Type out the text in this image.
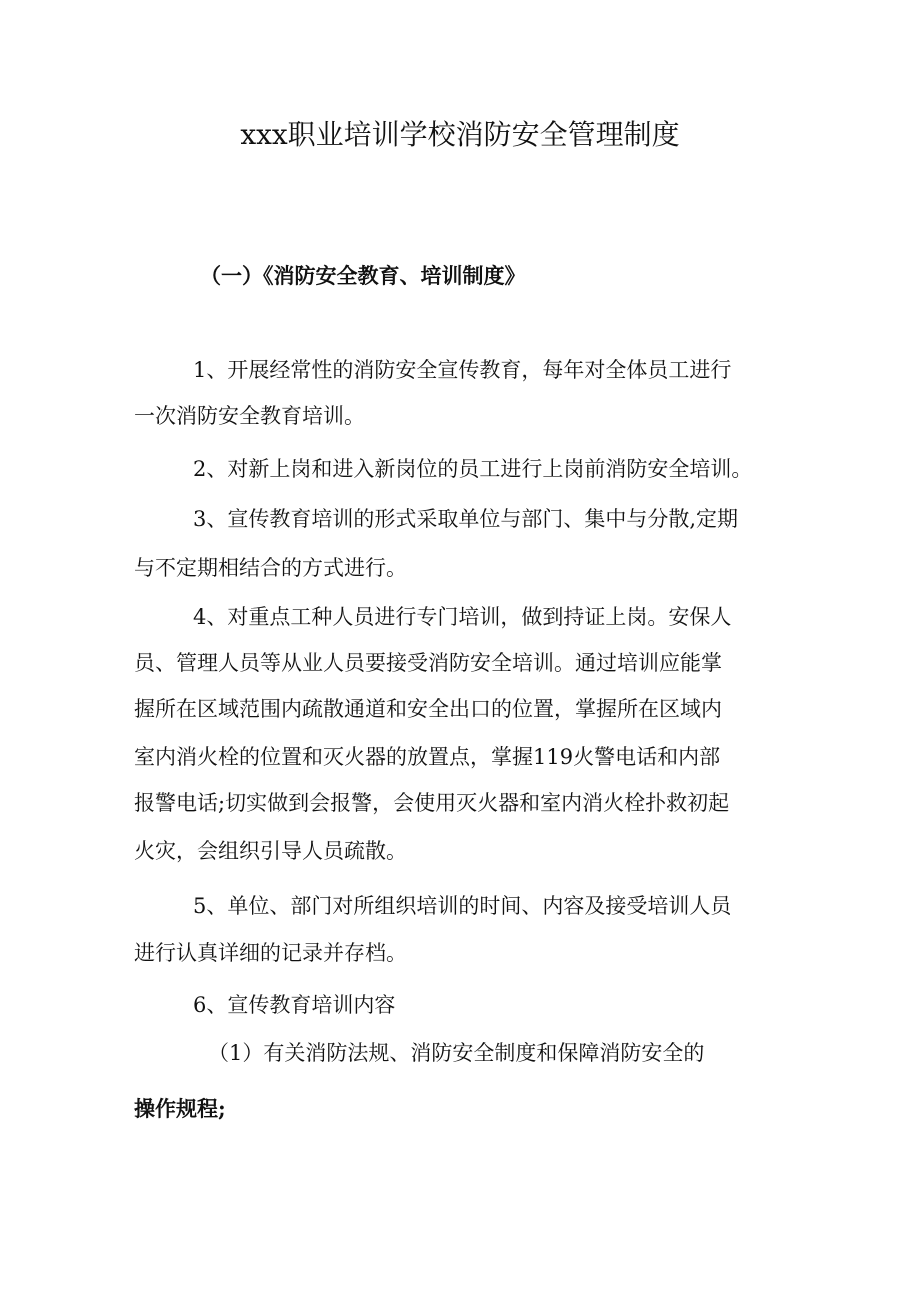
xxx职业培训学校消防安全管理制度
（一）《消防安全教育、培训制度》
1、开展经常性的消防安全宣传教育，每年对全体员工进行
一次消防安全教育培训。
2、对新上岗和进入新岗位的员工进行上岗前消防安全培训。
3、宣传教育培训的形式采取单位与部门、集中与分散,定期
与不定期相结合的方式进行。
4、对重点工种人员进行专门培训，做到持证上岗。安保人
员、管理人员等从业人员要接受消防安全培训。通过培训应能掌
握所在区域范围内疏散通道和安全出口的位置，掌握所在区域内
室内消火栓的位置和灭火器的放置点，掌握119火警电话和内部
报警电话;切实做到会报警，会使用灭火器和室内消火栓扑救初起
火灾，会组织引导人员疏散。
5、单位、部门对所组织培训的时间、内容及接受培训人员
进行认真详细的记录并存档。
6、宣传教育培训内容
（1）有关消防法规、消防安全制度和保障消防安全的
操作规程;
